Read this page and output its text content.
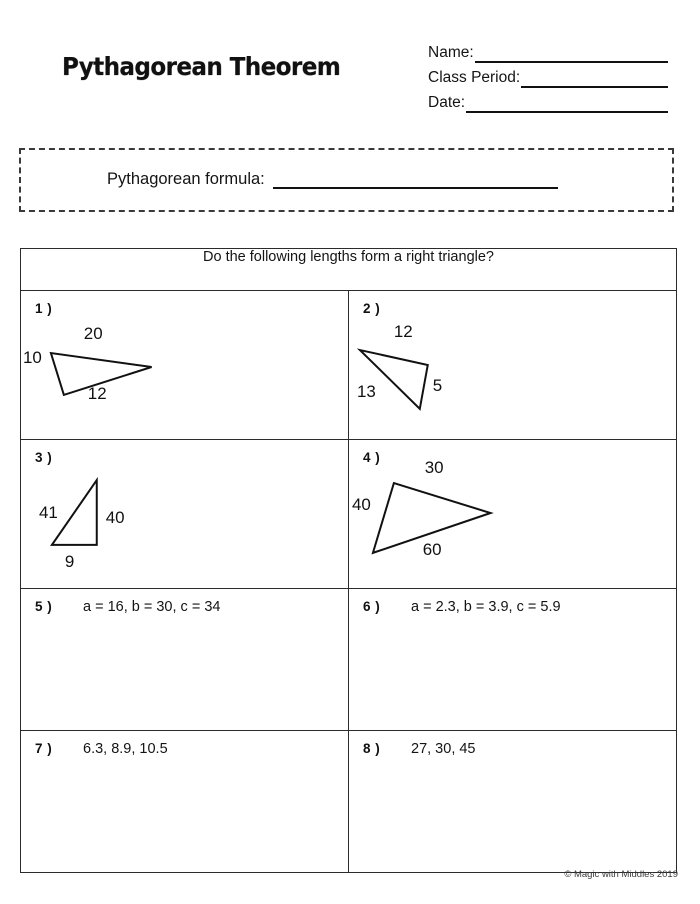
Pythagorean Theorem	Name:
Class Period:
Date:
Pythagorean formula:
Do the following lengths form a right triangle?	

1 )
10
20
12	2 )
12
5
13

3 )
41 40
9	4 )
30
40
60

5 ) a = 16, b = 30, c = 34	6 ) a = 2.3, b = 3.9, c = 5.9

7 ) 6.3, 8.9, 10.5	8 ) 27, 30, 45
© Magic with Middles 2019
